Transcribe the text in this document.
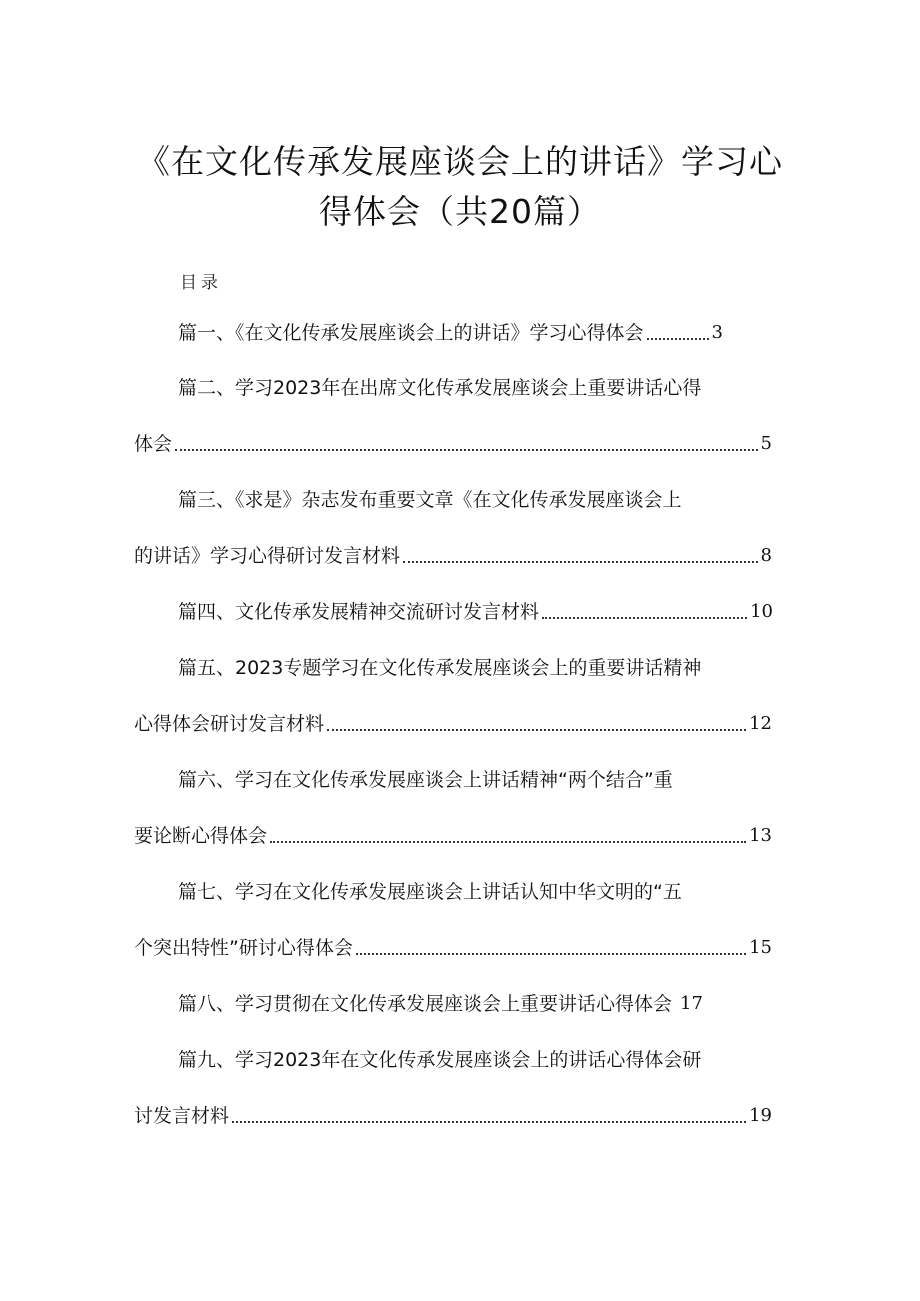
《在文化传承发展座谈会上的讲话》学习心
得体会（共20篇）
目录
篇一、《在文化传承发展座谈会上的讲话》学习心得体会	3
篇二、学习2023年在出席文化传承发展座谈会上重要讲话心得
体会	5
篇三、《求是》杂志发布重要文章《在文化传承发展座谈会上
的讲话》学习心得研讨发言材料	8
篇四、文化传承发展精神交流研讨发言材料	10
篇五、2023专题学习在文化传承发展座谈会上的重要讲话精神
心得体会研讨发言材料	12
篇六、学习在文化传承发展座谈会上讲话精神“两个结合”重
要论断心得体会	13
篇七、学习在文化传承发展座谈会上讲话认知中华文明的“五
个突出特性”研讨心得体会	15
篇八、学习贯彻在文化传承发展座谈会上重要讲话心得体会 17
篇九、学习2023年在文化传承发展座谈会上的讲话心得体会研
讨发言材料	19
